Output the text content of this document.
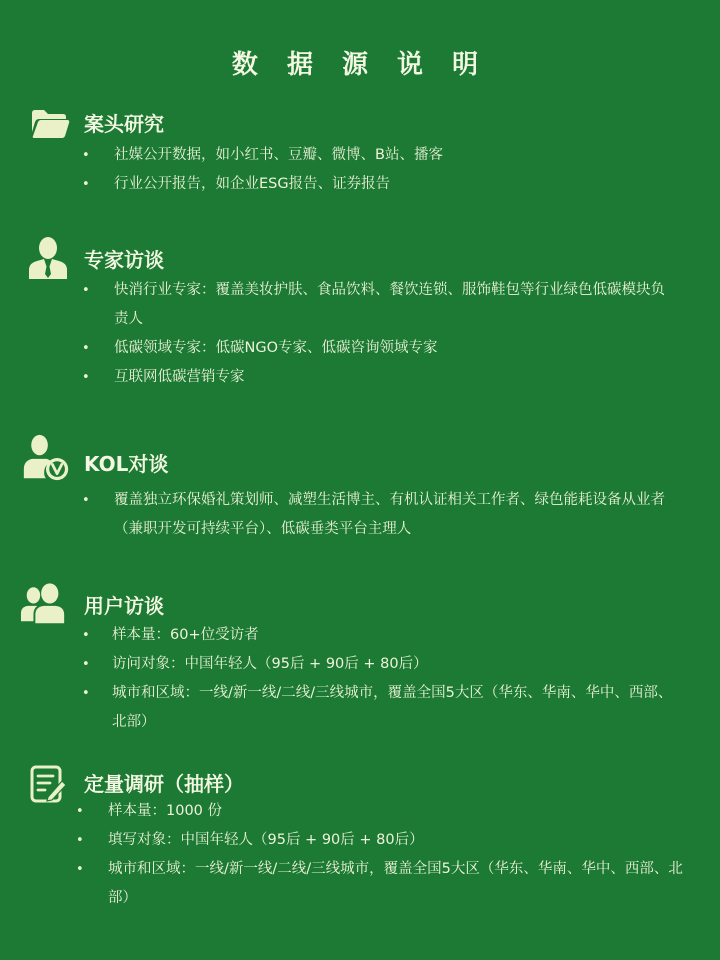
数 据 源 说 明
案头研究
•	社媒公开数据，如小红书、豆瓣、微博、B站、播客
•	行业公开报告，如企业ESG报告、证券报告
专家访谈
•	快消行业专家：覆盖美妆护肤、食品饮料、餐饮连锁、服饰鞋包等行业绿色低碳模块负责人
•	低碳领域专家：低碳NGO专家、低碳咨询领域专家
•	互联网低碳营销专家
KOL对谈
•	覆盖独立环保婚礼策划师、减塑生活博主、有机认证相关工作者、绿色能耗设备从业者（兼职开发可持续平台）、低碳垂类平台主理人
用户访谈
•	样本量：60+位受访者
•	访问对象：中国年轻人（95后 + 90后 + 80后）
•	城市和区域：一线/新一线/二线/三线城市，覆盖全国5大区（华东、华南、华中、西部、北部）
定量调研（抽样）
•	样本量：1000 份
•	填写对象：中国年轻人（95后 + 90后 + 80后）
•	城市和区域：一线/新一线/二线/三线城市，覆盖全国5大区（华东、华南、华中、西部、北部）
